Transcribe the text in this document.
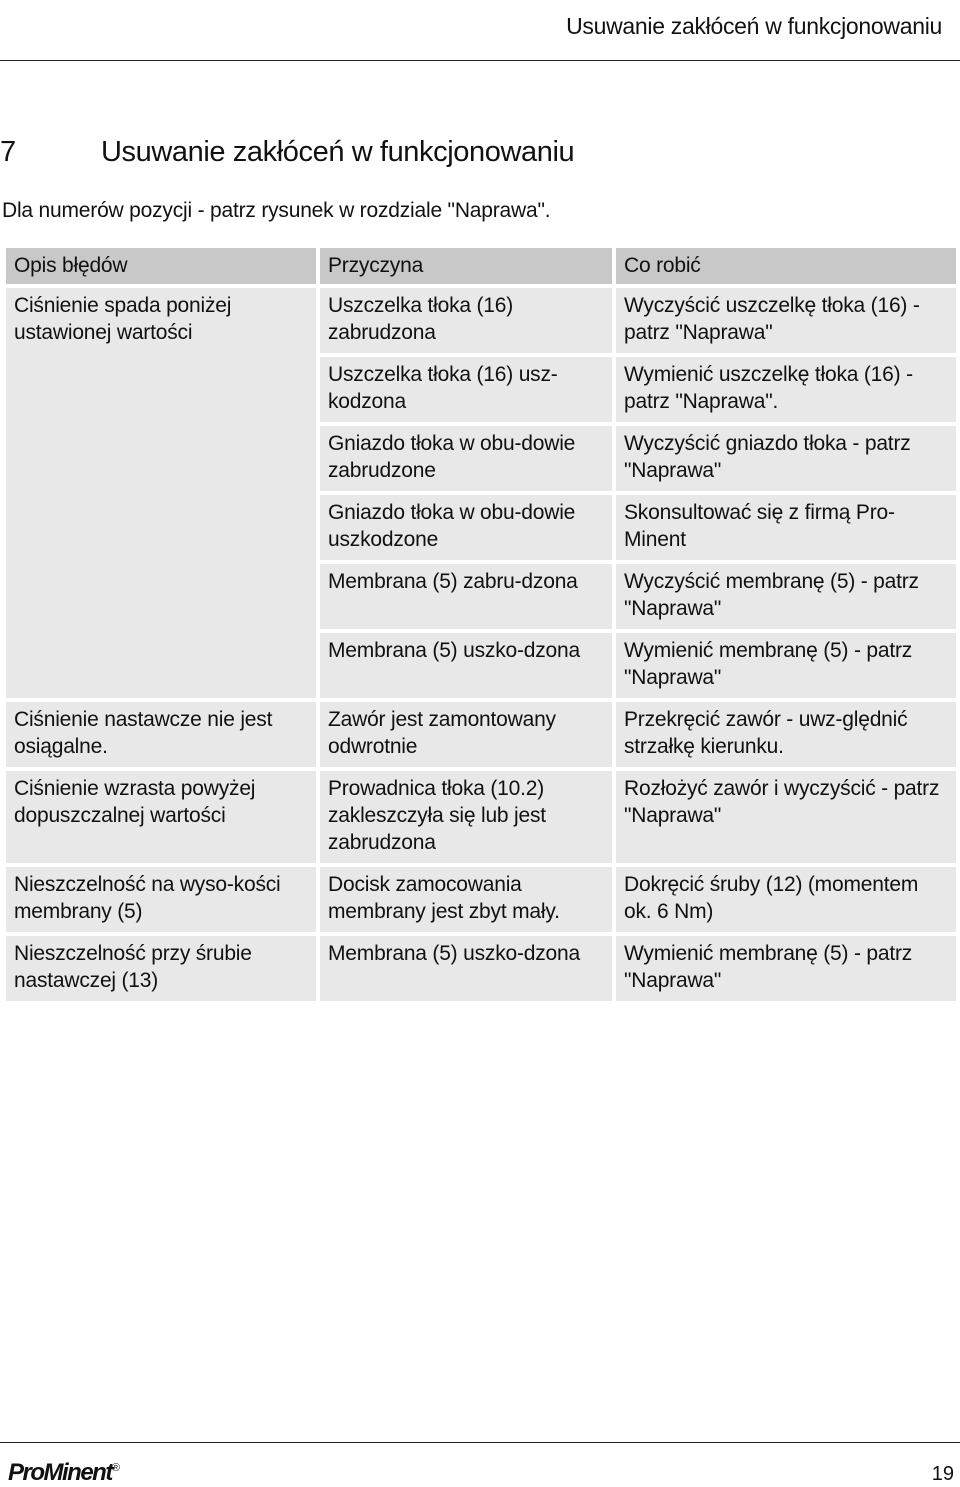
Usuwanie zakłóceń w funkcjonowaniu
7	Usuwanie zakłóceń w funkcjonowaniu
Dla numerów pozycji - patrz rysunek w rozdziale "Naprawa".
Opis błędów	Przyczyna	Co robić
Ciśnienie spada poniżej ustawionej wartości	Uszczelka tłoka (16) zabrudzona	Wyczyścić uszczelkę tłoka (16) - patrz "Naprawa"
	Uszczelka tłoka (16) usz-kodzona	Wymienić uszczelkę tłoka (16) - patrz "Naprawa".
	Gniazdo tłoka w obu-dowie zabrudzone	Wyczyścić gniazdo tłoka - patrz "Naprawa"
	Gniazdo tłoka w obu-dowie uszkodzone	Skonsultować się z firmą Pro-Minent
	Membrana (5) zabru-dzona	Wyczyścić membranę (5) - patrz "Naprawa"
	Membrana (5) uszko-dzona	Wymienić membranę (5) - patrz "Naprawa"
Ciśnienie nastawcze nie jest osiągalne.	Zawór jest zamontowany odwrotnie	Przekręcić zawór - uwz-ględnić strzałkę kierunku.
Ciśnienie wzrasta powyżej dopuszczalnej wartości	Prowadnica tłoka (10.2) zakleszczyła się lub jest zabrudzona	Rozłożyć zawór i wyczyścić - patrz "Naprawa"
Nieszczelność na wyso-kości membrany (5)	Docisk zamocowania membrany jest zbyt mały.	Dokręcić śruby (12) (momentem ok. 6 Nm)
Nieszczelność przy śrubie nastawczej (13)	Membrana (5) uszko-dzona	Wymienić membranę (5) - patrz "Naprawa"
ProMinent®	19
